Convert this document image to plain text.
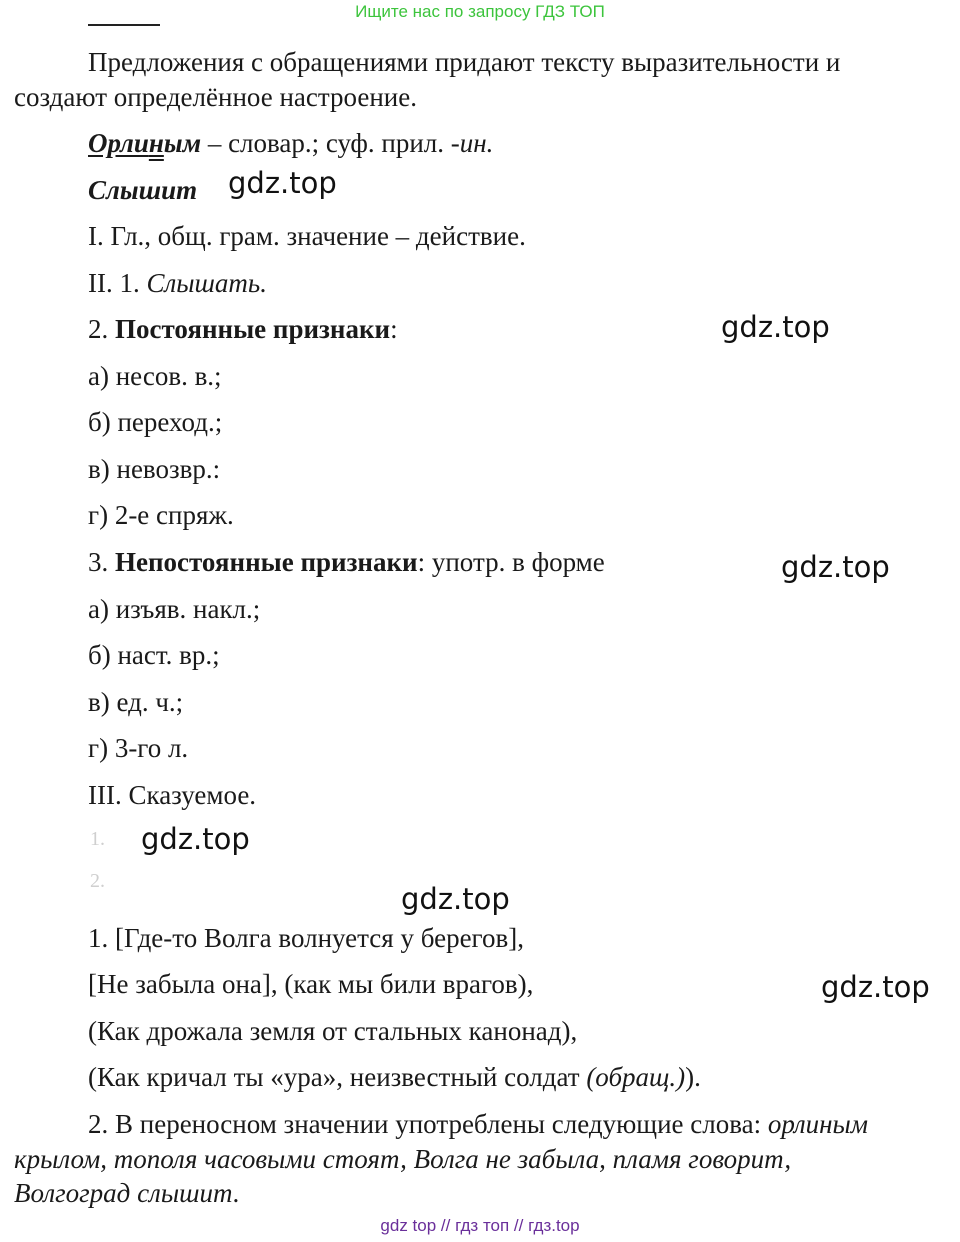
Ищите нас по запросу ГДЗ ТОП
Предложения с обращениями придают тексту выразительности и
создают определённое настроение.
Орлиным – словар.; суф. прил. -ин.
Слышит gdz.top
I. Гл., общ. грам. значение – действие.
II. 1. Слышать.
2. Постоянные признаки:	gdz.top
а) несов. в.;
б) переход.;
в) невозвр.:
г) 2-е спряж.
3. Непостоянные признаки: употр. в форме	gdz.top
а) изъяв. накл.;
б) наст. вр.;
в) ед. ч.;
г) 3-го л.
III. Сказуемое.
1. gdz.top
2.
gdz.top
1. [Где-то Волга волнуется у берегов],
[Не забыла она], (как мы били врагов),	gdz.top
(Как дрожала земля от стальных канонад),
(Как кричал ты «ура», неизвестный солдат (обращ.)).
2. В переносном значении употреблены следующие слова: орлиным
крылом, тополя часовыми стоят, Волга не забыла, пламя говорит,
Волгоград слышит.
gdz top // гдз топ // гдз.top
